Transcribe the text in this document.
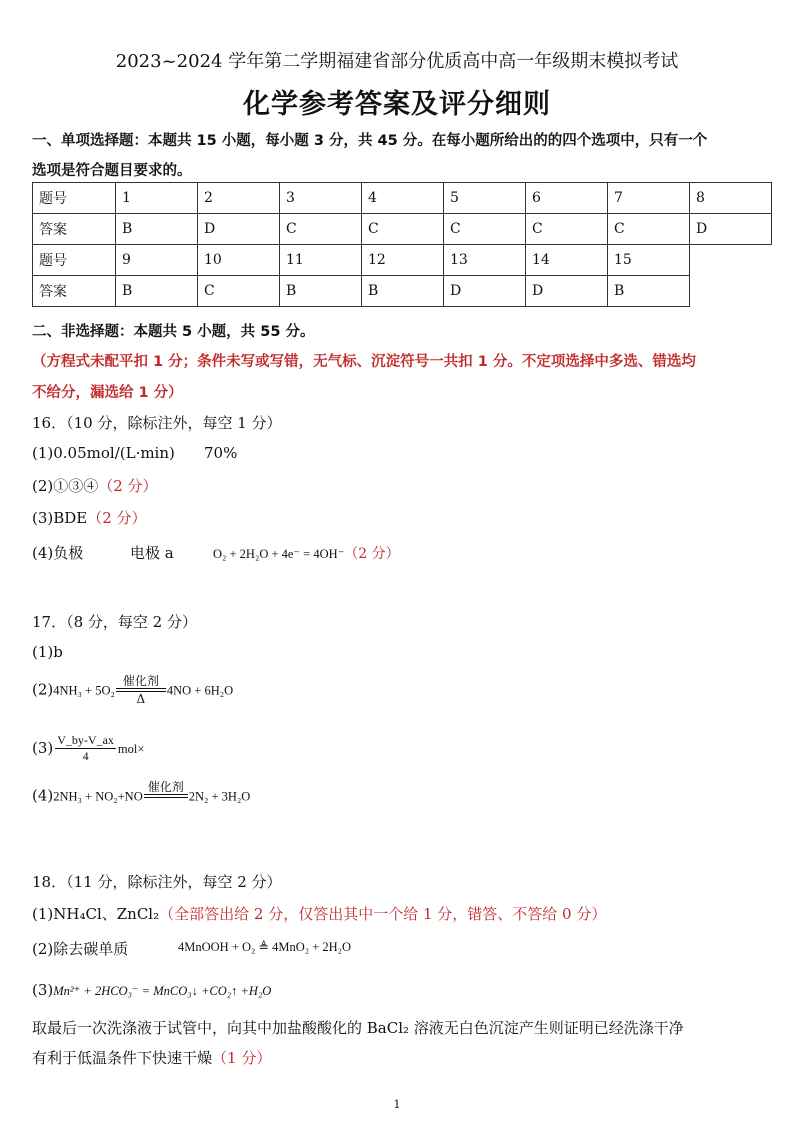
2023~2024 学年第二学期福建省部分优质高中高一年级期末模拟考试
化学参考答案及评分细则
一、单项选择题：本题共 15 小题，每小题 3 分，共 45 分。在每小题所给出的的四个选项中，只有一个
选项是符合题目要求的。
题号	1	2	3	4	5	6	7	8
答案	B	D	C	C	C	C	C	D
题号	9	10	11	12	13	14	15	
答案	B	C	B	B	D	D	B	
二、非选择题：本题共 5 小题，共 55 分。
（方程式未配平扣 1 分；条件未写或写错，无气标、沉淀符号一共扣 1 分。不定项选择中多选、错选均
不给分，漏选给 1 分）
16．（10 分，除标注外，每空 1 分）
(1)0.05mol/(L·min) 70%
(2)①③④（2 分）
(3)BDE（2 分）
(4)负极	电极 a	O₂ + 2H₂O + 4e⁻ = 4OH⁻（2 分）
17．（8 分，每空 2 分）
(1)b
(2)4NH₃ + 5O₂
催化剂
Δ
4NO + 6H₂O
$(3) \frac{V\_by-V\_ax}{4} mol\times$
(4)2NH₃ + NO₂+NO
催化剂
2N₂ + 3H₂O
18．（11 分，除标注外，每空 2 分）
(1)NH₄Cl、ZnCl₂（全部答出给 2 分，仅答出其中一个给 1 分，错答、不答给 0 分）
(2)除去碳单质	4MnOOH + O₂ ≜ 4MnO₂ + 2H₂O
(3)Mn²⁺ + 2HCO₃⁻ = MnCO₃↓ +CO₂↑ +H₂O
取最后一次洗涤液于试管中，向其中加盐酸酸化的 BaCl₂ 溶液无白色沉淀产生则证明已经洗涤干净
有利于低温条件下快速干燥（1 分）
1
